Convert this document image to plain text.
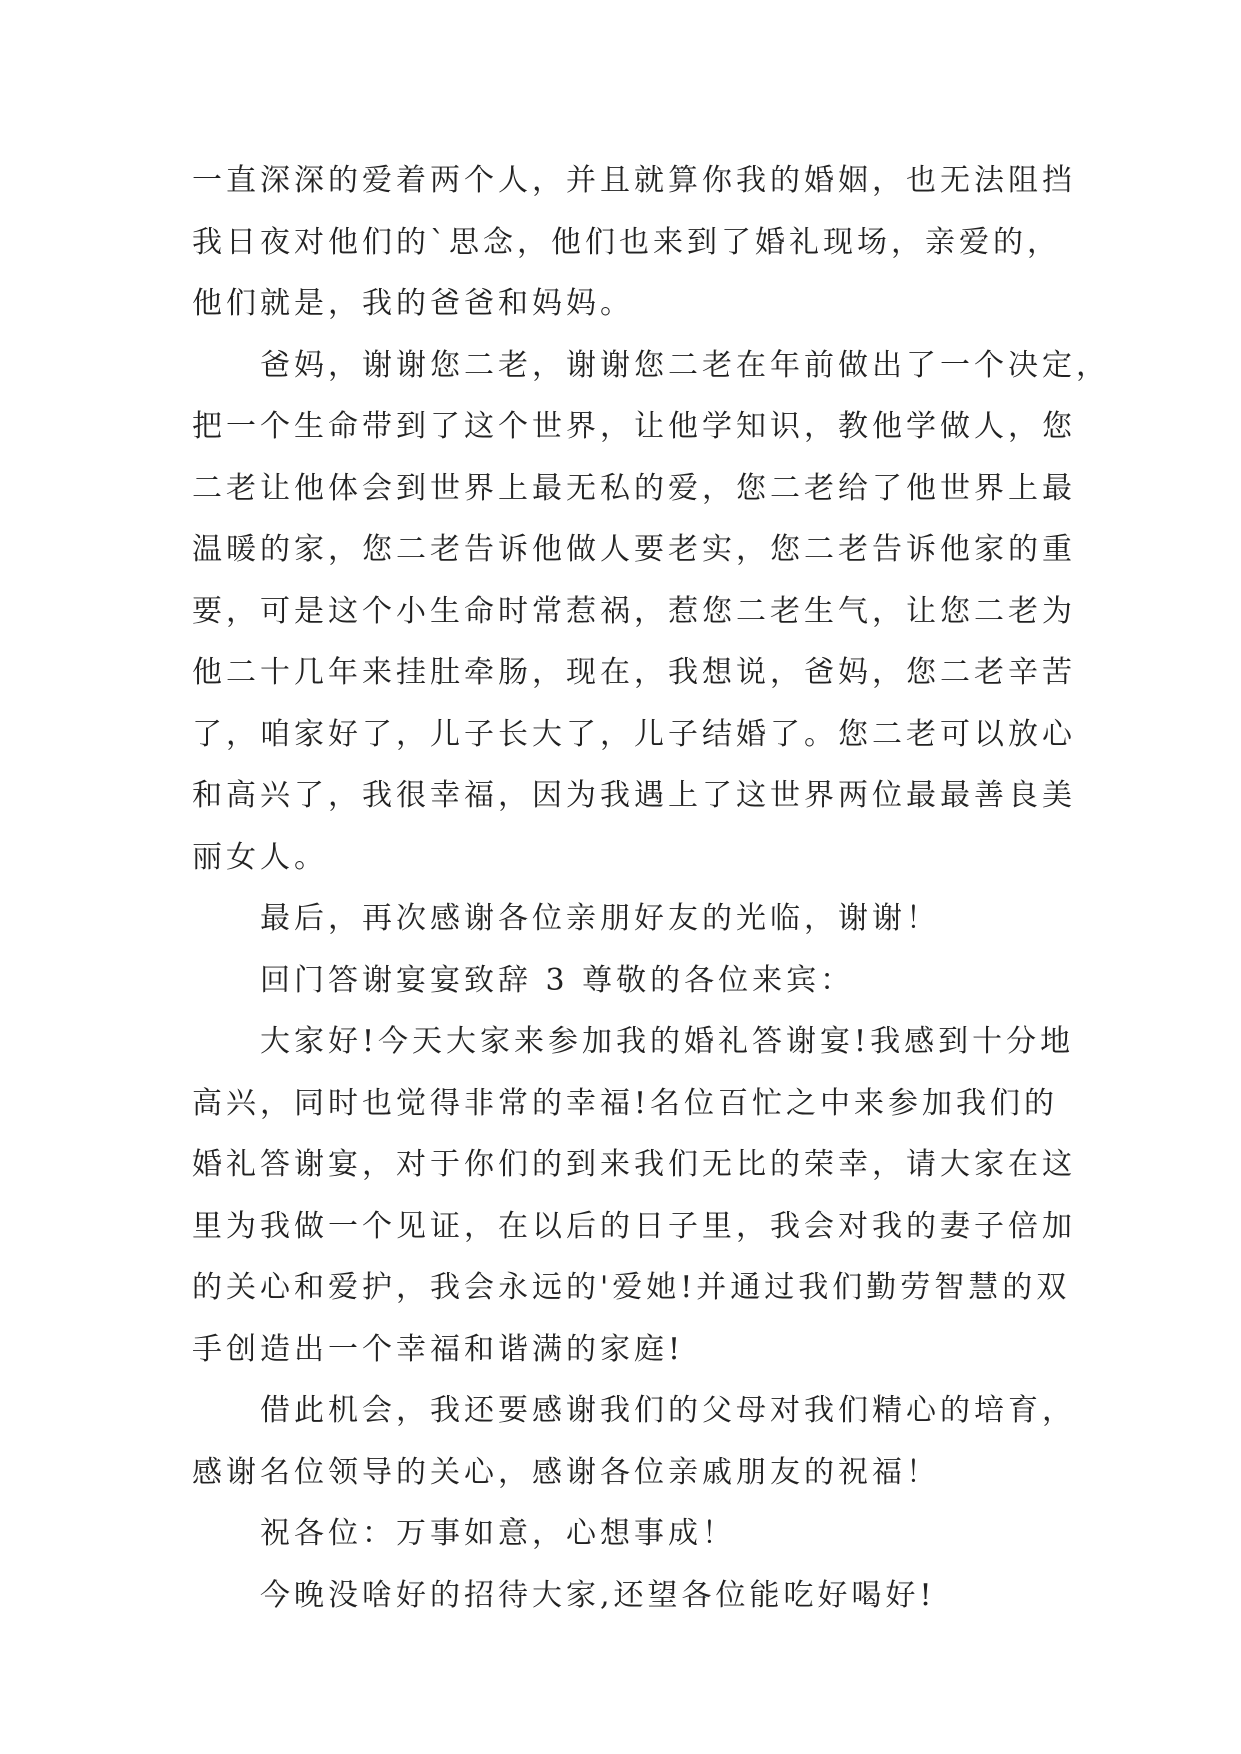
一直深深的爱着两个人，并且就算你我的婚姻，也无法阻挡
我日夜对他们的`思念，他们也来到了婚礼现场，亲爱的，
他们就是，我的爸爸和妈妈。
爸妈，谢谢您二老，谢谢您二老在年前做出了一个决定，
把一个生命带到了这个世界，让他学知识，教他学做人，您
二老让他体会到世界上最无私的爱，您二老给了他世界上最
温暖的家，您二老告诉他做人要老实，您二老告诉他家的重
要，可是这个小生命时常惹祸，惹您二老生气，让您二老为
他二十几年来挂肚牵肠，现在，我想说，爸妈，您二老辛苦
了，咱家好了，儿子长大了，儿子结婚了。您二老可以放心
和高兴了，我很幸福，因为我遇上了这世界两位最最善良美
丽女人。
最后，再次感谢各位亲朋好友的光临，谢谢！
回门答谢宴宴致辞 3 尊敬的各位来宾：
大家好!今天大家来参加我的婚礼答谢宴!我感到十分地
高兴，同时也觉得非常的幸福!名位百忙之中来参加我们的
婚礼答谢宴，对于你们的到来我们无比的荣幸，请大家在这
里为我做一个见证，在以后的日子里，我会对我的妻子倍加
的关心和爱护，我会永远的'爱她!并通过我们勤劳智慧的双
手创造出一个幸福和谐满的家庭!
借此机会，我还要感谢我们的父母对我们精心的培育，
感谢名位领导的关心，感谢各位亲戚朋友的祝福！
祝各位：万事如意，心想事成！
今晚没啥好的招待大家,还望各位能吃好喝好!
